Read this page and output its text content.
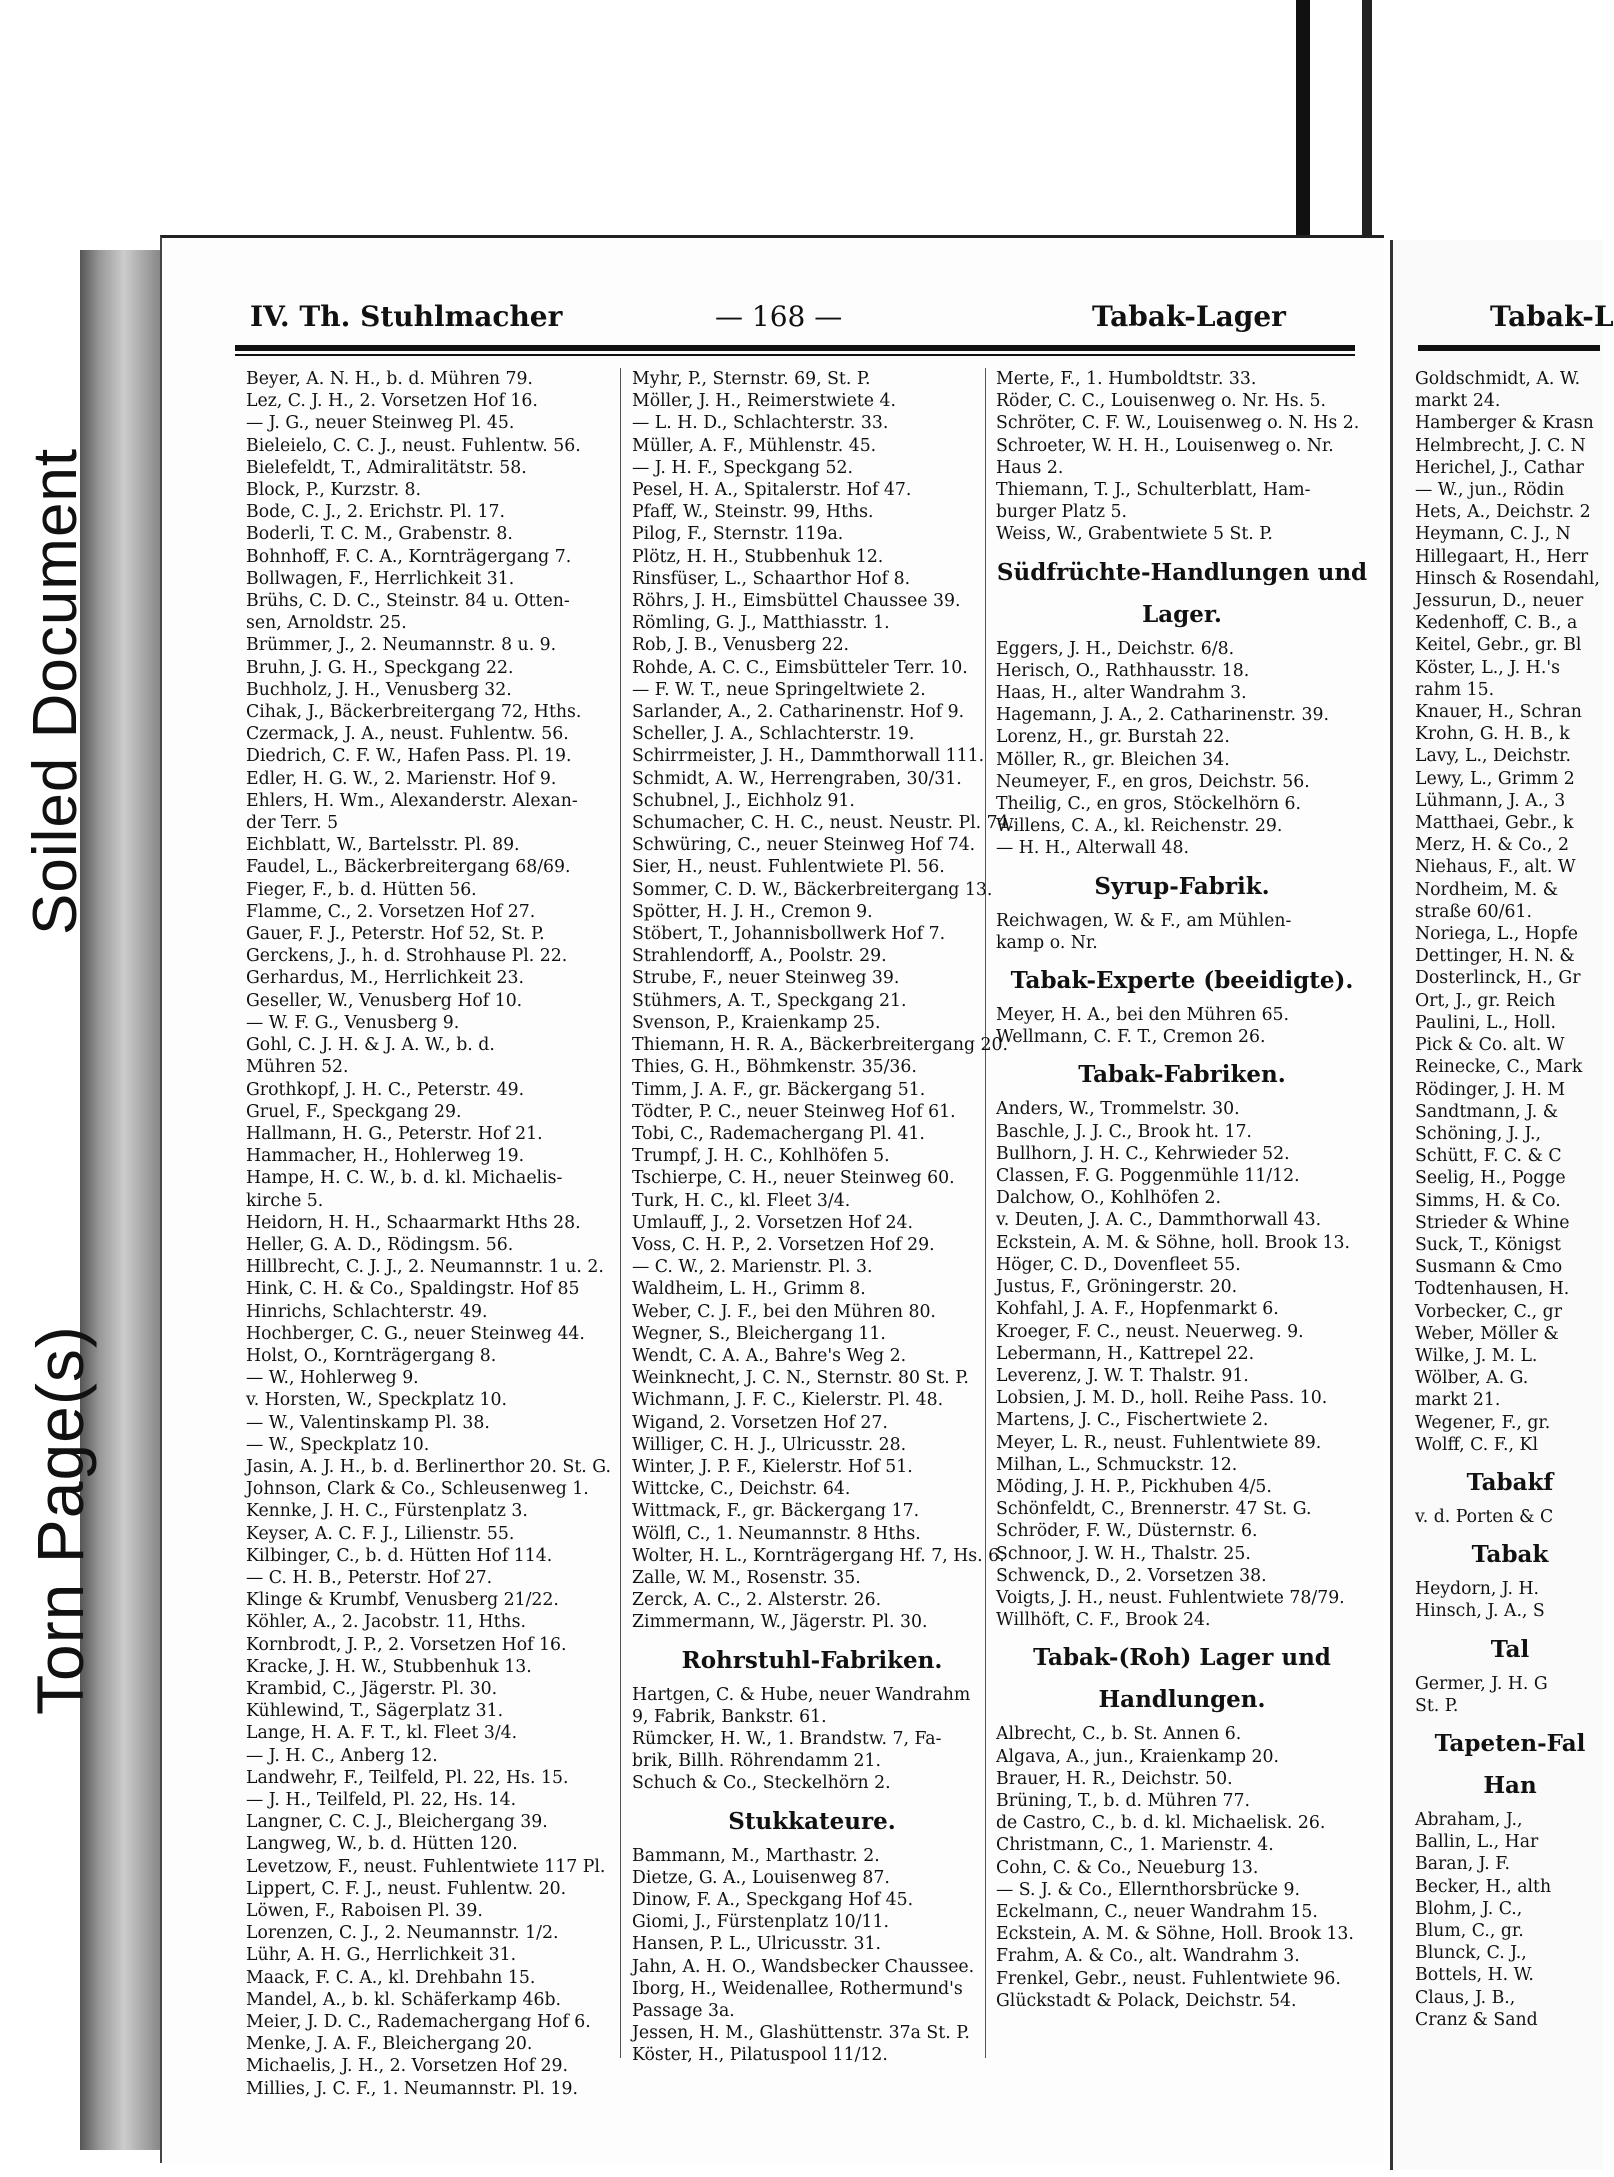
Soiled Document
Torn Page(s)
IV. Th. Stuhlmacher	— 168 —	Tabak-Lager	Tabak-L
Beyer, A. N. H., b. d. Mühren 79.
Lez, C. J. H., 2. Vorsetzen Hof 16.
— J. G., neuer Steinweg Pl. 45.
Bieleielo, C. C. J., neust. Fuhlentw. 56.
Bielefeldt, T., Admiralitätstr. 58.
Block, P., Kurzstr. 8.
Bode, C. J., 2. Erichstr. Pl. 17.
Boderli, T. C. M., Grabenstr. 8.
Bohnhoff, F. C. A., Kornträgergang 7.
Bollwagen, F., Herrlichkeit 31.
Brühs, C. D. C., Steinstr. 84 u. Otten-
sen, Arnoldstr. 25.
Brümmer, J., 2. Neumannstr. 8 u. 9.
Bruhn, J. G. H., Speckgang 22.
Buchholz, J. H., Venusberg 32.
Cihak, J., Bäckerbreitergang 72, Hths.
Czermack, J. A., neust. Fuhlentw. 56.
Diedrich, C. F. W., Hafen Pass. Pl. 19.
Edler, H. G. W., 2. Marienstr. Hof 9.
Ehlers, H. Wm., Alexanderstr. Alexan-
der Terr. 5
Eichblatt, W., Bartelsstr. Pl. 89.
Faudel, L., Bäckerbreitergang 68/69.
Fieger, F., b. d. Hütten 56.
Flamme, C., 2. Vorsetzen Hof 27.
Gauer, F. J., Peterstr. Hof 52, St. P.
Gerckens, J., h. d. Strohhause Pl. 22.
Gerhardus, M., Herrlichkeit 23.
Geseller, W., Venusberg Hof 10.
— W. F. G., Venusberg 9.
Gohl, C. J. H. & J. A. W., b. d.
Mühren 52.
Grothkopf, J. H. C., Peterstr. 49.
Gruel, F., Speckgang 29.
Hallmann, H. G., Peterstr. Hof 21.
Hammacher, H., Hohlerweg 19.
Hampe, H. C. W., b. d. kl. Michaelis-
kirche 5.
Heidorn, H. H., Schaarmarkt Hths 28.
Heller, G. A. D., Rödingsm. 56.
Hillbrecht, C. J. J., 2. Neumannstr. 1 u. 2.
Hink, C. H. & Co., Spaldingstr. Hof 85
Hinrichs, Schlachterstr. 49.
Hochberger, C. G., neuer Steinweg 44.
Holst, O., Kornträgergang 8.
— W., Hohlerweg 9.
v. Horsten, W., Speckplatz 10.
— W., Valentinskamp Pl. 38.
— W., Speckplatz 10.
Jasin, A. J. H., b. d. Berlinerthor 20. St. G.
Johnson, Clark & Co., Schleusenweg 1.
Kennke, J. H. C., Fürstenplatz 3.
Keyser, A. C. F. J., Lilienstr. 55.
Kilbinger, C., b. d. Hütten Hof 114.
— C. H. B., Peterstr. Hof 27.
Klinge & Krumbf, Venusberg 21/22.
Köhler, A., 2. Jacobstr. 11, Hths.
Kornbrodt, J. P., 2. Vorsetzen Hof 16.
Kracke, J. H. W., Stubbenhuk 13.
Krambid, C., Jägerstr. Pl. 30.
Kühlewind, T., Sägerplatz 31.
Lange, H. A. F. T., kl. Fleet 3/4.
— J. H. C., Anberg 12.
Landwehr, F., Teilfeld, Pl. 22, Hs. 15.
— J. H., Teilfeld, Pl. 22, Hs. 14.
Langner, C. C. J., Bleichergang 39.
Langweg, W., b. d. Hütten 120.
Levetzow, F., neust. Fuhlentwiete 117 Pl.
Lippert, C. F. J., neust. Fuhlentw. 20.
Löwen, F., Raboisen Pl. 39.
Lorenzen, C. J., 2. Neumannstr. 1/2.
Lühr, A. H. G., Herrlichkeit 31.
Maack, F. C. A., kl. Drehbahn 15.
Mandel, A., b. kl. Schäferkamp 46b.
Meier, J. D. C., Rademachergang Hof 6.
Menke, J. A. F., Bleichergang 20.
Michaelis, J. H., 2. Vorsetzen Hof 29.
Millies, J. C. F., 1. Neumannstr. Pl. 19.
Myhr, P., Sternstr. 69, St. P.
Möller, J. H., Reimerstwiete 4.
— L. H. D., Schlachterstr. 33.
Müller, A. F., Mühlenstr. 45.
— J. H. F., Speckgang 52.
Pesel, H. A., Spitalerstr. Hof 47.
Pfaff, W., Steinstr. 99, Hths.
Pilog, F., Sternstr. 119a.
Plötz, H. H., Stubbenhuk 12.
Rinsfüser, L., Schaarthor Hof 8.
Röhrs, J. H., Eimsbüttel Chaussee 39.
Römling, G. J., Matthiasstr. 1.
Rob, J. B., Venusberg 22.
Rohde, A. C. C., Eimsbütteler Terr. 10.
— F. W. T., neue Springeltwiete 2.
Sarlander, A., 2. Catharinenstr. Hof 9.
Scheller, J. A., Schlachterstr. 19.
Schirrmeister, J. H., Dammthorwall 111.
Schmidt, A. W., Herrengraben, 30/31.
Schubnel, J., Eichholz 91.
Schumacher, C. H. C., neust. Neustr. Pl. 74.
Schwüring, C., neuer Steinweg Hof 74.
Sier, H., neust. Fuhlentwiete Pl. 56.
Sommer, C. D. W., Bäckerbreitergang 13.
Spötter, H. J. H., Cremon 9.
Stöbert, T., Johannisbollwerk Hof 7.
Strahlendorff, A., Poolstr. 29.
Strube, F., neuer Steinweg 39.
Stühmers, A. T., Speckgang 21.
Svenson, P., Kraienkamp 25.
Thiemann, H. R. A., Bäckerbreitergang 20.
Thies, G. H., Böhmkenstr. 35/36.
Timm, J. A. F., gr. Bäckergang 51.
Tödter, P. C., neuer Steinweg Hof 61.
Tobi, C., Rademachergang Pl. 41.
Trumpf, J. H. C., Kohlhöfen 5.
Tschierpe, C. H., neuer Steinweg 60.
Turk, H. C., kl. Fleet 3/4.
Umlauff, J., 2. Vorsetzen Hof 24.
Voss, C. H. P., 2. Vorsetzen Hof 29.
— C. W., 2. Marienstr. Pl. 3.
Waldheim, L. H., Grimm 8.
Weber, C. J. F., bei den Mühren 80.
Wegner, S., Bleichergang 11.
Wendt, C. A. A., Bahre's Weg 2.
Weinknecht, J. C. N., Sternstr. 80 St. P.
Wichmann, J. F. C., Kielerstr. Pl. 48.
Wigand, 2. Vorsetzen Hof 27.
Williger, C. H. J., Ulricusstr. 28.
Winter, J. P. F., Kielerstr. Hof 51.
Wittcke, C., Deichstr. 64.
Wittmack, F., gr. Bäckergang 17.
Wölfl, C., 1. Neumannstr. 8 Hths.
Wolter, H. L., Kornträgergang Hf. 7, Hs. 6.
Zalle, W. M., Rosenstr. 35.
Zerck, A. C., 2. Alsterstr. 26.
Zimmermann, W., Jägerstr. Pl. 30.
Rohrstuhl-Fabriken.
Hartgen, C. & Hube, neuer Wandrahm
9, Fabrik, Bankstr. 61.
Rümcker, H. W., 1. Brandstw. 7, Fa-
brik, Billh. Röhrendamm 21.
Schuch & Co., Steckelhörn 2.
Stukkateure.
Bammann, M., Marthastr. 2.
Dietze, G. A., Louisenweg 87.
Dinow, F. A., Speckgang Hof 45.
Giomi, J., Fürstenplatz 10/11.
Hansen, P. L., Ulricusstr. 31.
Jahn, A. H. O., Wandsbecker Chaussee.
Iborg, H., Weidenallee, Rothermund's
Passage 3a.
Jessen, H. M., Glashüttenstr. 37a St. P.
Köster, H., Pilatuspool 11/12.
Merte, F., 1. Humboldtstr. 33.
Röder, C. C., Louisenweg o. Nr. Hs. 5.
Schröter, C. F. W., Louisenweg o. N. Hs 2.
Schroeter, W. H. H., Louisenweg o. Nr.
Haus 2.
Thiemann, T. J., Schulterblatt, Ham-
burger Platz 5.
Weiss, W., Grabentwiete 5 St. P.
Südfrüchte-Handlungen und
Lager.
Eggers, J. H., Deichstr. 6/8.
Herisch, O., Rathhausstr. 18.
Haas, H., alter Wandrahm 3.
Hagemann, J. A., 2. Catharinenstr. 39.
Lorenz, H., gr. Burstah 22.
Möller, R., gr. Bleichen 34.
Neumeyer, F., en gros, Deichstr. 56.
Theilig, C., en gros, Stöckelhörn 6.
Willens, C. A., kl. Reichenstr. 29.
— H. H., Alterwall 48.
Syrup-Fabrik.
Reichwagen, W. & F., am Mühlen-
kamp o. Nr.
Tabak-Experte (beeidigte).
Meyer, H. A., bei den Mühren 65.
Wellmann, C. F. T., Cremon 26.
Tabak-Fabriken.
Anders, W., Trommelstr. 30.
Baschle, J. J. C., Brook ht. 17.
Bullhorn, J. H. C., Kehrwieder 52.
Classen, F. G. Poggenmühle 11/12.
Dalchow, O., Kohlhöfen 2.
v. Deuten, J. A. C., Dammthorwall 43.
Eckstein, A. M. & Söhne, holl. Brook 13.
Höger, C. D., Dovenfleet 55.
Justus, F., Gröningerstr. 20.
Kohfahl, J. A. F., Hopfenmarkt 6.
Kroeger, F. C., neust. Neuerweg. 9.
Lebermann, H., Kattrepel 22.
Leverenz, J. W. T. Thalstr. 91.
Lobsien, J. M. D., holl. Reihe Pass. 10.
Martens, J. C., Fischertwiete 2.
Meyer, L. R., neust. Fuhlentwiete 89.
Milhan, L., Schmuckstr. 12.
Möding, J. H. P., Pickhuben 4/5.
Schönfeldt, C., Brennerstr. 47 St. G.
Schröder, F. W., Düsternstr. 6.
Schnoor, J. W. H., Thalstr. 25.
Schwenck, D., 2. Vorsetzen 38.
Voigts, J. H., neust. Fuhlentwiete 78/79.
Willhöft, C. F., Brook 24.
Tabak-(Roh) Lager und
Handlungen.
Albrecht, C., b. St. Annen 6.
Algava, A., jun., Kraienkamp 20.
Brauer, H. R., Deichstr. 50.
Brüning, T., b. d. Mühren 77.
de Castro, C., b. d. kl. Michaelisk. 26.
Christmann, C., 1. Marienstr. 4.
Cohn, C. & Co., Neueburg 13.
— S. J. & Co., Ellernthorsbrücke 9.
Eckelmann, C., neuer Wandrahm 15.
Eckstein, A. M. & Söhne, Holl. Brook 13.
Frahm, A. & Co., alt. Wandrahm 3.
Frenkel, Gebr., neust. Fuhlentwiete 96.
Glückstadt & Polack, Deichstr. 54.
Goldschmidt, A. W.
markt 24.
Hamberger & Krasn
Helmbrecht, J. C. N
Herichel, J., Cathar
— W., jun., Rödin
Hets, A., Deichstr. 2
Heymann, C. J., N
Hillegaart, H., Herr
Hinsch & Rosendahl,
Jessurun, D., neuer
Kedenhoff, C. B., a
Keitel, Gebr., gr. Bl
Köster, L., J. H.'s
rahm 15.
Knauer, H., Schran
Krohn, G. H. B., k
Lavy, L., Deichstr.
Lewy, L., Grimm 2
Lühmann, J. A., 3
Matthaei, Gebr., k
Merz, H. & Co., 2
Niehaus, F., alt. W
Nordheim, M. &
straße 60/61.
Noriega, L., Hopfe
Dettinger, H. N. &
Dosterlinck, H., Gr
Ort, J., gr. Reich
Paulini, L., Holl.
Pick & Co. alt. W
Reinecke, C., Mark
Rödinger, J. H. M
Sandtmann, J. &
Schöning, J. J.,
Schütt, F. C. & C
Seelig, H., Pogge
Simms, H. & Co.
Strieder & Whine
Suck, T., Königst
Susmann & Cmo
Todtenhausen, H.
Vorbecker, C., gr
Weber, Möller &
Wilke, J. M. L.
Wölber, A. G.
markt 21.
Wegener, F., gr.
Wolff, C. F., Kl
Tabakf
v. d. Porten & C
Tabak
Heydorn, J. H.
Hinsch, J. A., S
Tal
Germer, J. H. G
St. P.
Tapeten-Fal
Han
Abraham, J.,
Ballin, L., Har
Baran, J. F.
Becker, H., alth
Blohm, J. C.,
Blum, C., gr.
Blunck, C. J.,
Bottels, H. W.
Claus, J. B.,
Cranz & Sand
